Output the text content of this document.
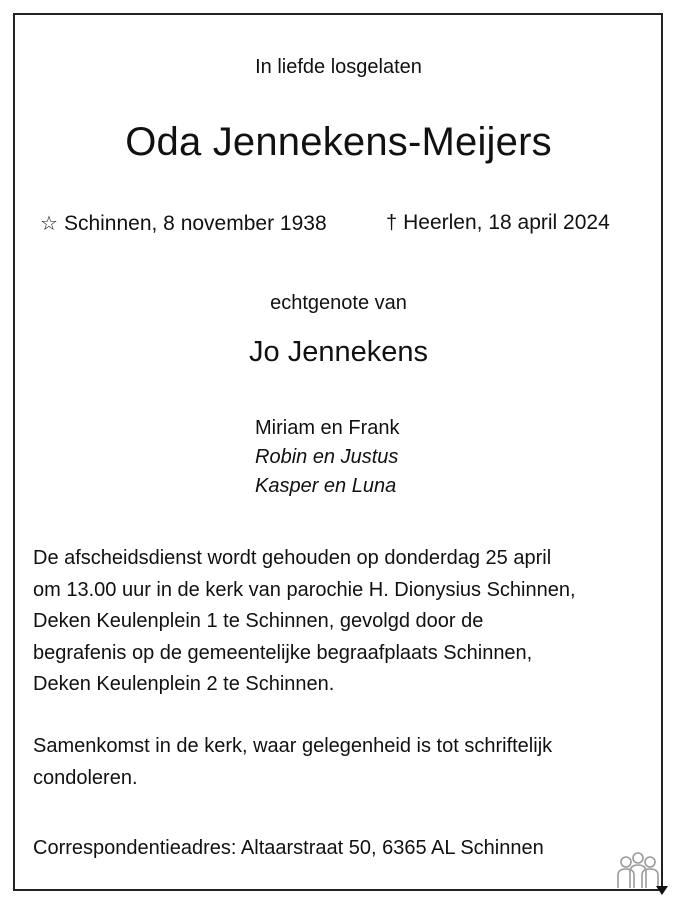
In liefde losgelaten
Oda Jennekens-Meijers
☆ Schinnen, 8 november 1938	† Heerlen, 18 april 2024
echtgenote van
Jo Jennekens
Miriam en Frank
Robin en Justus
Kasper en Luna
De afscheidsdienst wordt gehouden op donderdag 25 april
om 13.00 uur in de kerk van parochie H. Dionysius Schinnen,
Deken Keulenplein 1 te Schinnen, gevolgd door de
begrafenis op de gemeentelijke begraafplaats Schinnen,
Deken Keulenplein 2 te Schinnen.
Samenkomst in de kerk, waar gelegenheid is tot schriftelijk
condoleren.
Correspondentieadres: Altaarstraat 50, 6365 AL Schinnen
